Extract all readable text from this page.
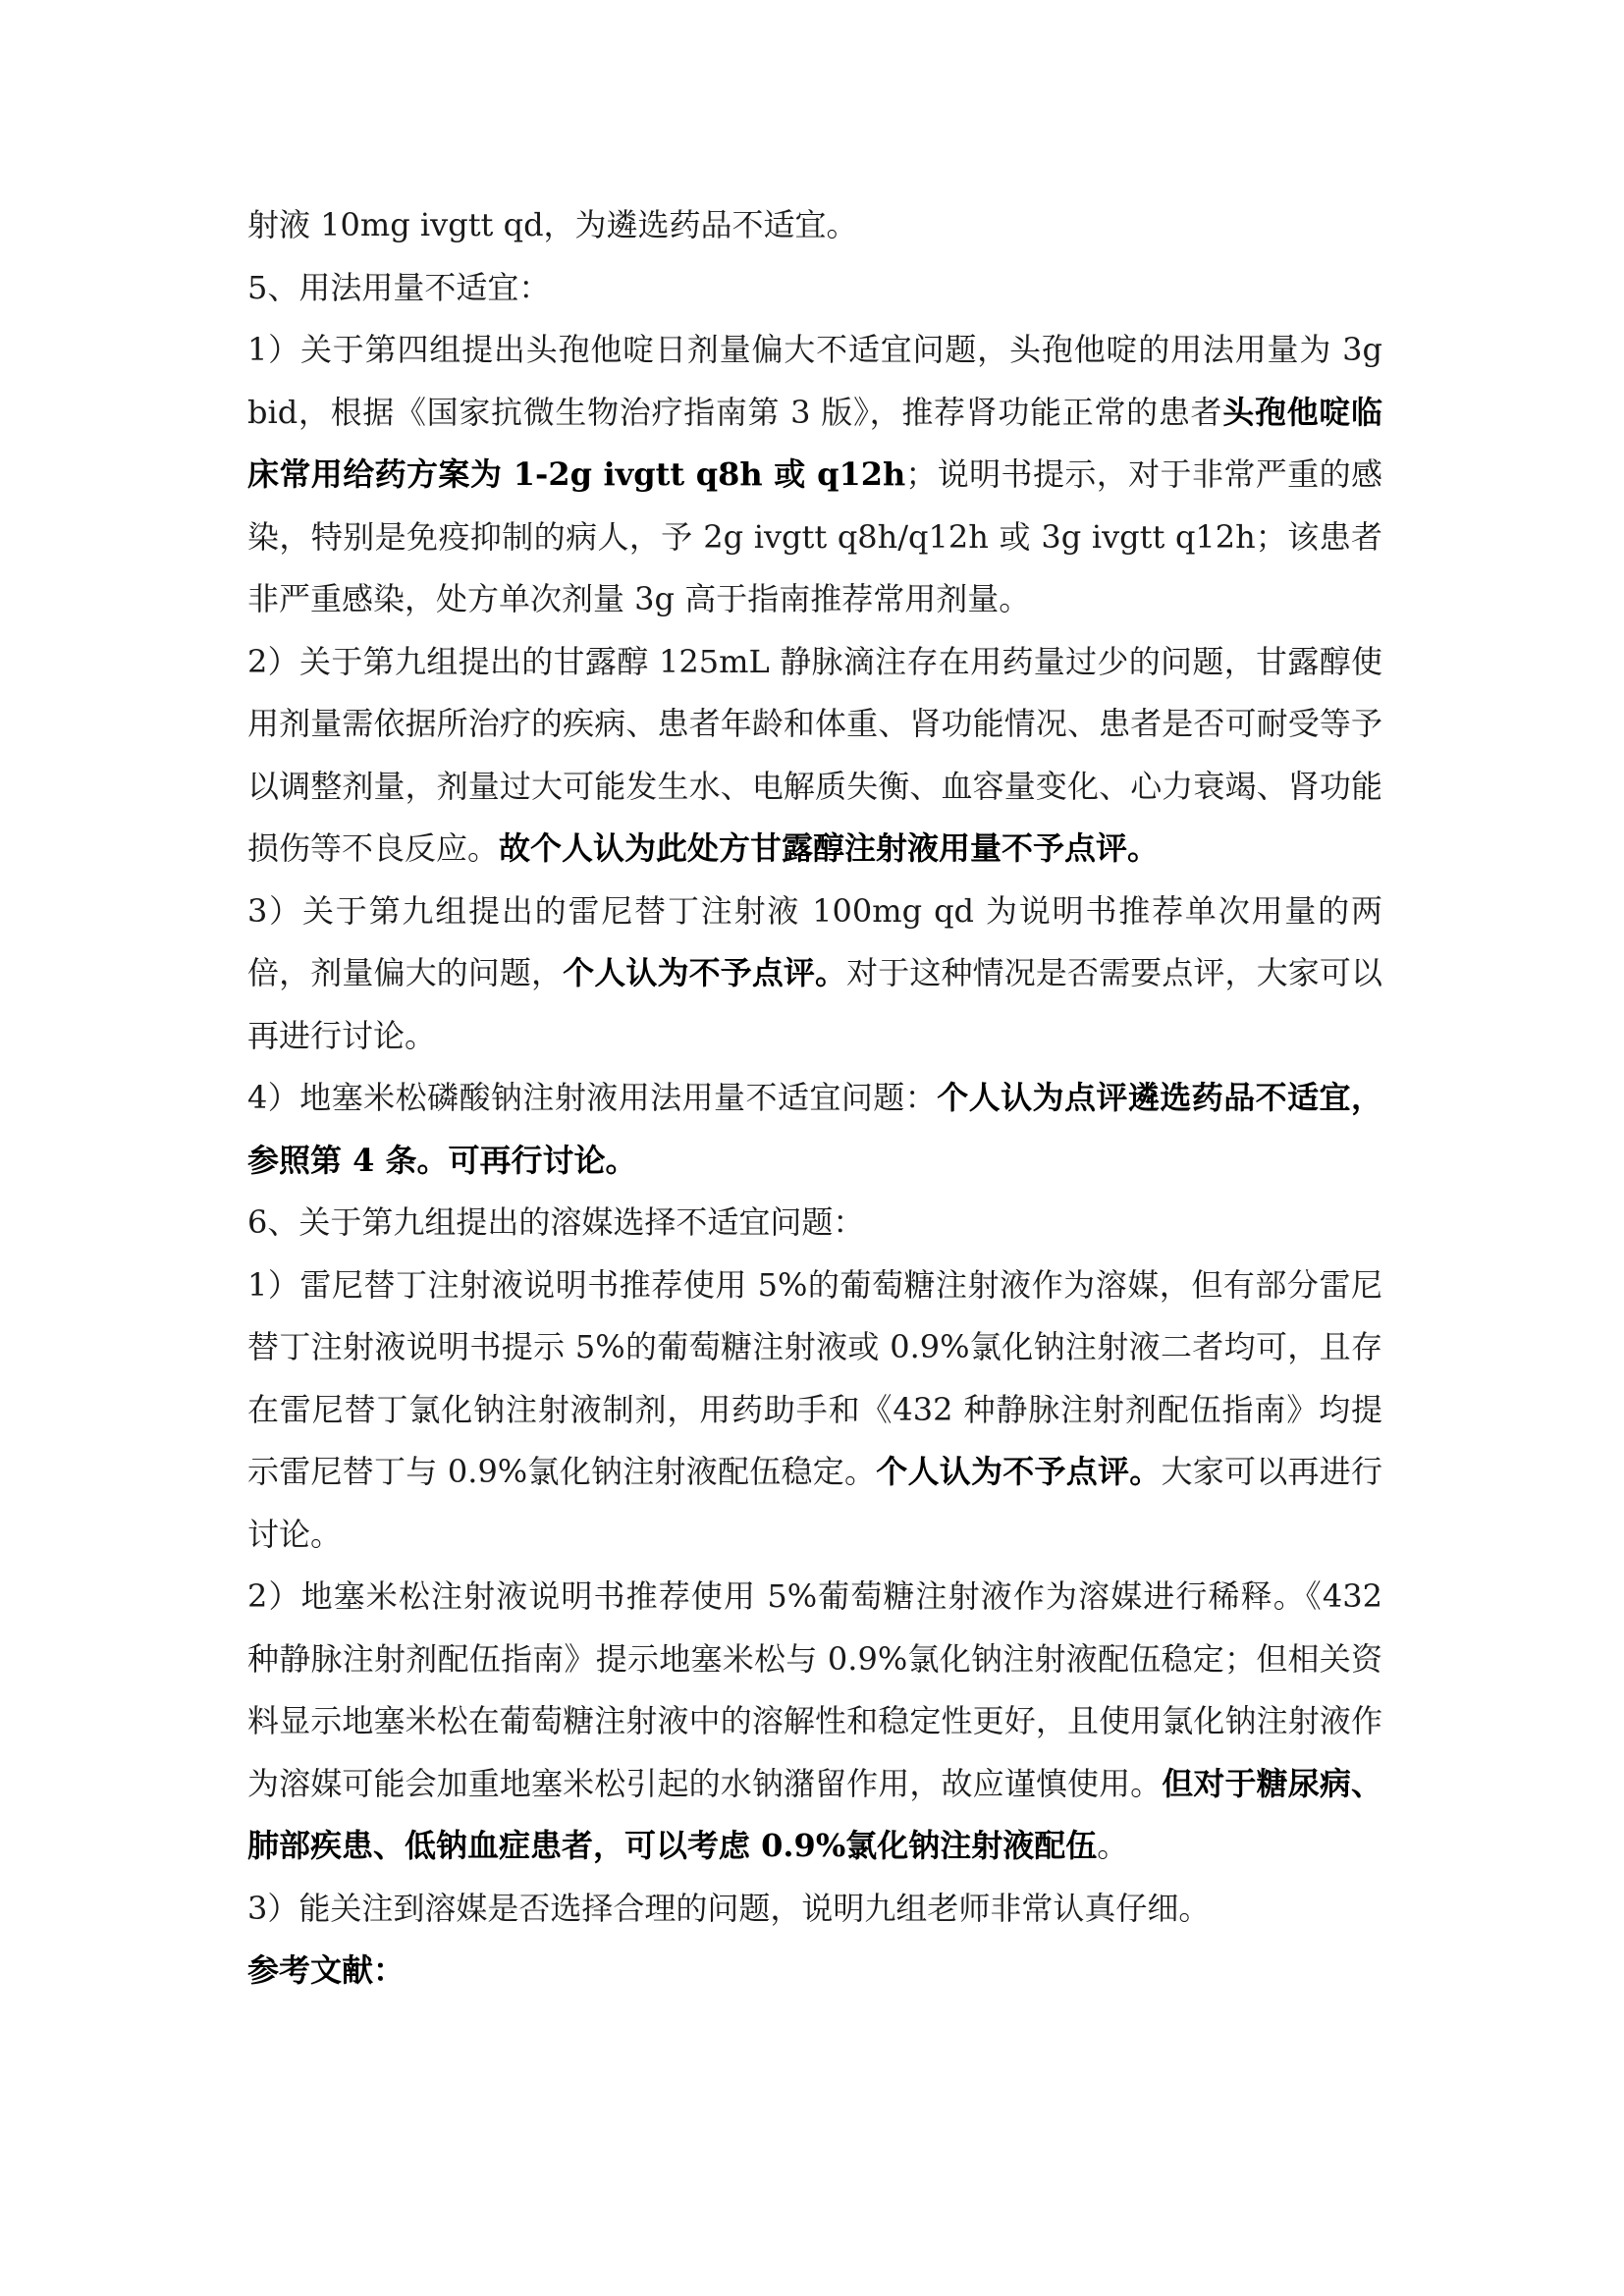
射液 10mg ivgtt qd，为遴选药品不适宜。

5、用法用量不适宜：

1）关于第四组提出头孢他啶日剂量偏大不适宜问题，头孢他啶的用法用量为 3g bid，根据《国家抗微生物治疗指南第 3 版》，推荐肾功能正常的患者头孢他啶临床常用给药方案为 1-2g ivgtt q8h 或 q12h；说明书提示，对于非常严重的感染，特别是免疫抑制的病人，予 2g ivgtt q8h/q12h 或 3g ivgtt q12h；该患者非严重感染，处方单次剂量 3g 高于指南推荐常用剂量。

2）关于第九组提出的甘露醇 125mL 静脉滴注存在用药量过少的问题，甘露醇使用剂量需依据所治疗的疾病、患者年龄和体重、肾功能情况、患者是否可耐受等予以调整剂量，剂量过大可能发生水、电解质失衡、血容量变化、心力衰竭、肾功能损伤等不良反应。故个人认为此处方甘露醇注射液用量不予点评。

3）关于第九组提出的雷尼替丁注射液 100mg qd 为说明书推荐单次用量的两倍，剂量偏大的问题，个人认为不予点评。对于这种情况是否需要点评，大家可以再进行讨论。

4）地塞米松磷酸钠注射液用法用量不适宜问题：个人认为点评遴选药品不适宜，参照第 4 条。可再行讨论。

6、关于第九组提出的溶媒选择不适宜问题：

1）雷尼替丁注射液说明书推荐使用 5%的葡萄糖注射液作为溶媒，但有部分雷尼替丁注射液说明书提示 5%的葡萄糖注射液或 0.9%氯化钠注射液二者均可，且存在雷尼替丁氯化钠注射液制剂，用药助手和《432 种静脉注射剂配伍指南》均提示雷尼替丁与 0.9%氯化钠注射液配伍稳定。个人认为不予点评。大家可以再进行讨论。

2）地塞米松注射液说明书推荐使用 5%葡萄糖注射液作为溶媒进行稀释。《432 种静脉注射剂配伍指南》提示地塞米松与 0.9%氯化钠注射液配伍稳定；但相关资料显示地塞米松在葡萄糖注射液中的溶解性和稳定性更好，且使用氯化钠注射液作为溶媒可能会加重地塞米松引起的水钠潴留作用，故应谨慎使用。但对于糖尿病、肺部疾患、低钠血症患者，可以考虑 0.9%氯化钠注射液配伍。

3）能关注到溶媒是否选择合理的问题，说明九组老师非常认真仔细。

参考文献：
